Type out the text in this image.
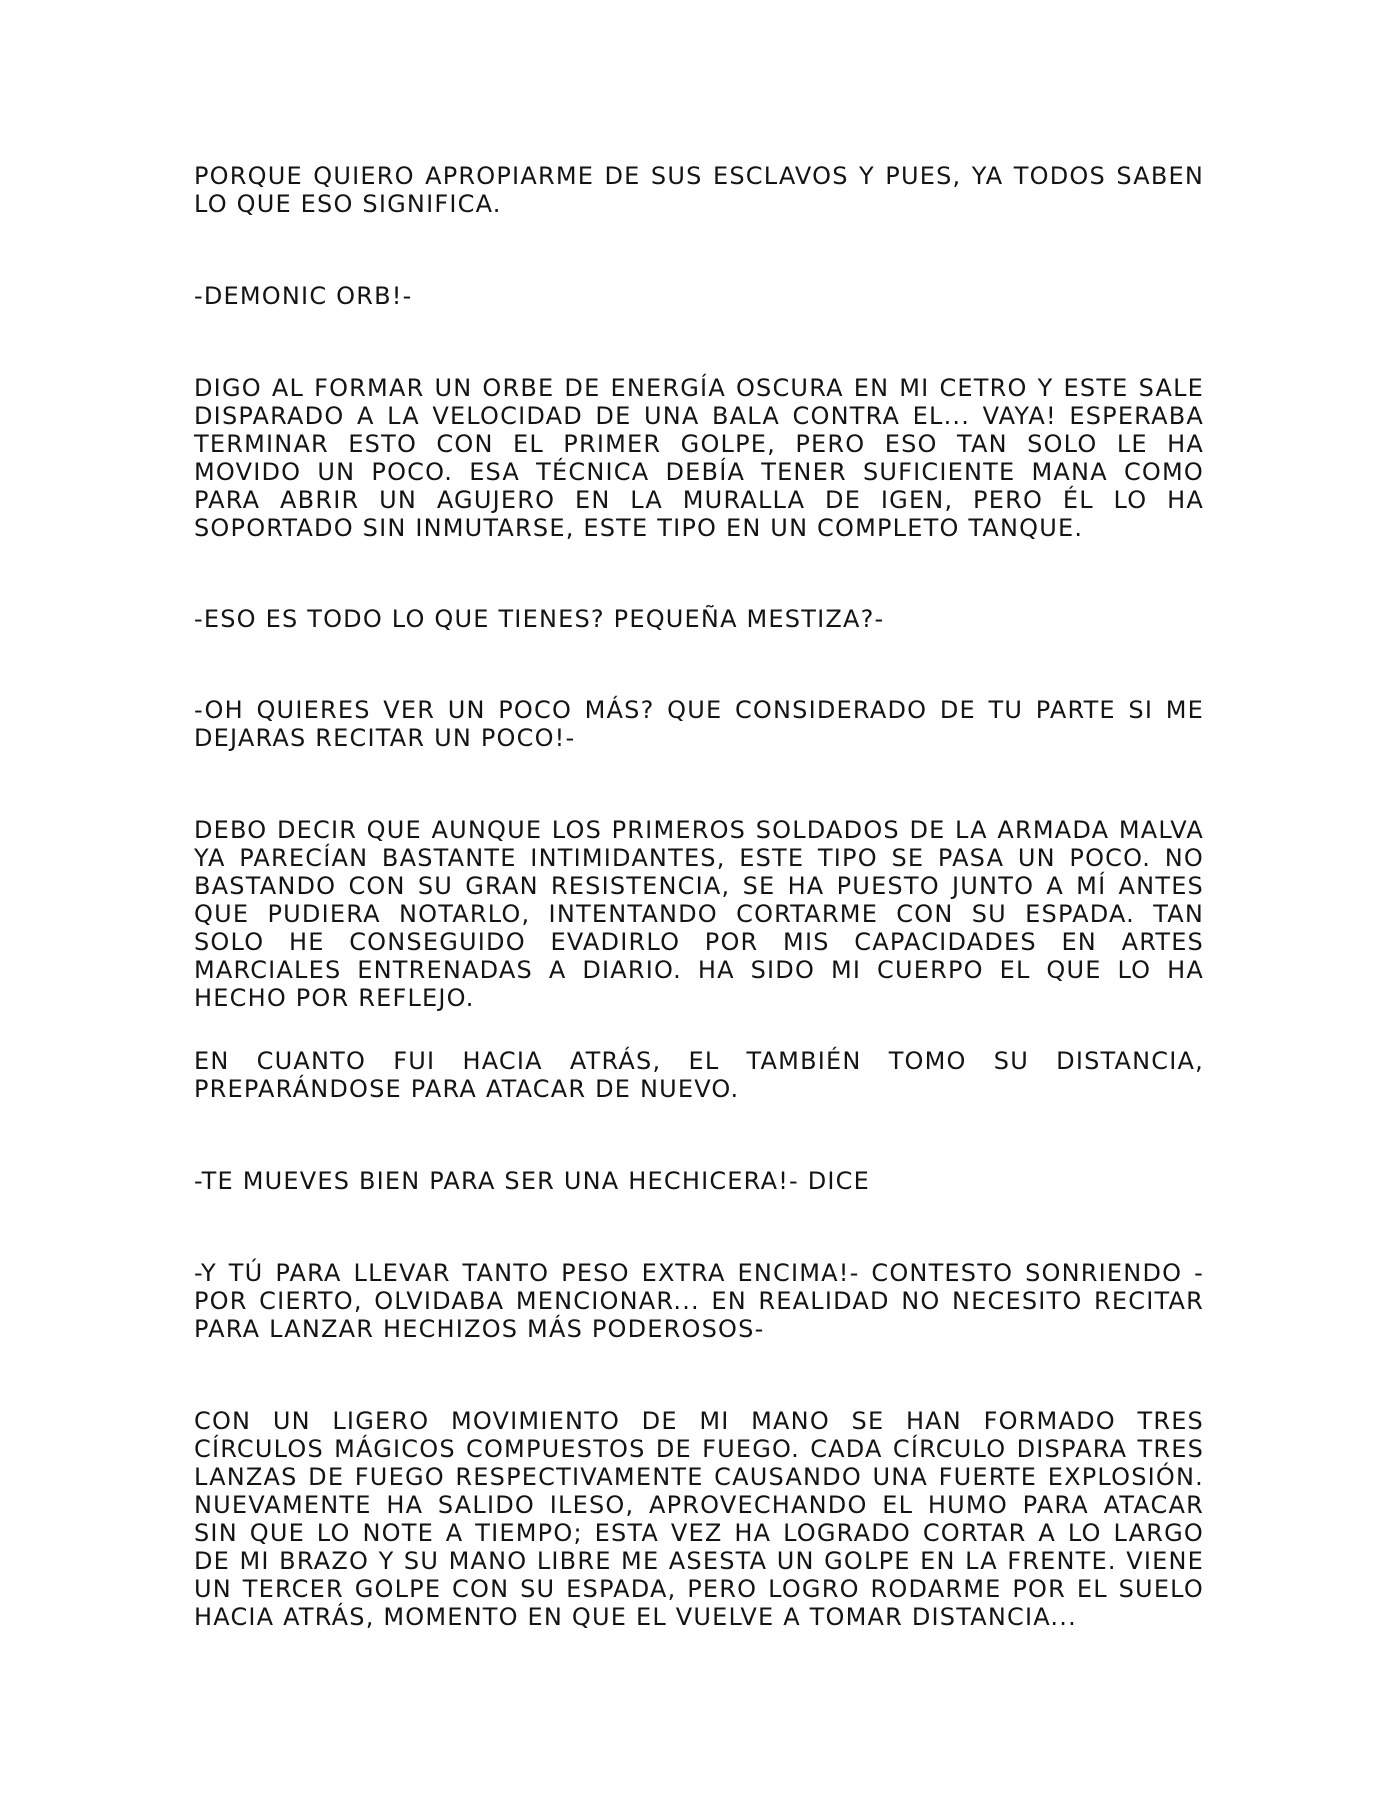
PORQUE QUIERO APROPIARME DE SUS ESCLAVOS Y PUES, YA TODOS SABEN LO QUE ESO SIGNIFICA.

-DEMONIC ORB!-

DIGO AL FORMAR UN ORBE DE ENERGÍA OSCURA EN MI CETRO Y ESTE SALE DISPARADO A LA VELOCIDAD DE UNA BALA CONTRA EL... VAYA! ESPERABA TERMINAR ESTO CON EL PRIMER GOLPE, PERO ESO TAN SOLO LE HA MOVIDO UN POCO. ESA TÉCNICA DEBÍA TENER SUFICIENTE MANA COMO PARA ABRIR UN AGUJERO EN LA MURALLA DE IGEN, PERO ÉL LO HA SOPORTADO SIN INMUTARSE, ESTE TIPO EN UN COMPLETO TANQUE.

-ESO ES TODO LO QUE TIENES? PEQUEÑA MESTIZA?-

-OH QUIERES VER UN POCO MÁS? QUE CONSIDERADO DE TU PARTE SI ME DEJARAS RECITAR UN POCO!-

DEBO DECIR QUE AUNQUE LOS PRIMEROS SOLDADOS DE LA ARMADA MALVA YA PARECÍAN BASTANTE INTIMIDANTES, ESTE TIPO SE PASA UN POCO. NO BASTANDO CON SU GRAN RESISTENCIA, SE HA PUESTO JUNTO A MÍ ANTES QUE PUDIERA NOTARLO, INTENTANDO CORTARME CON SU ESPADA. TAN SOLO HE CONSEGUIDO EVADIRLO POR MIS CAPACIDADES EN ARTES MARCIALES ENTRENADAS A DIARIO. HA SIDO MI CUERPO EL QUE LO HA HECHO POR REFLEJO.

EN CUANTO FUI HACIA ATRÁS, EL TAMBIÉN TOMO SU DISTANCIA, PREPARÁNDOSE PARA ATACAR DE NUEVO.

-TE MUEVES BIEN PARA SER UNA HECHICERA!- DICE

-Y TÚ PARA LLEVAR TANTO PESO EXTRA ENCIMA!- CONTESTO SONRIENDO -POR CIERTO, OLVIDABA MENCIONAR... EN REALIDAD NO NECESITO RECITAR PARA LANZAR HECHIZOS MÁS PODEROSOS-

CON UN LIGERO MOVIMIENTO DE MI MANO SE HAN FORMADO TRES CÍRCULOS MÁGICOS COMPUESTOS DE FUEGO. CADA CÍRCULO DISPARA TRES LANZAS DE FUEGO RESPECTIVAMENTE CAUSANDO UNA FUERTE EXPLOSIÓN. NUEVAMENTE HA SALIDO ILESO, APROVECHANDO EL HUMO PARA ATACAR SIN QUE LO NOTE A TIEMPO; ESTA VEZ HA LOGRADO CORTAR A LO LARGO DE MI BRAZO Y SU MANO LIBRE ME ASESTA UN GOLPE EN LA FRENTE. VIENE UN TERCER GOLPE CON SU ESPADA, PERO LOGRO RODARME POR EL SUELO HACIA ATRÁS, MOMENTO EN QUE EL VUELVE A TOMAR DISTANCIA...
